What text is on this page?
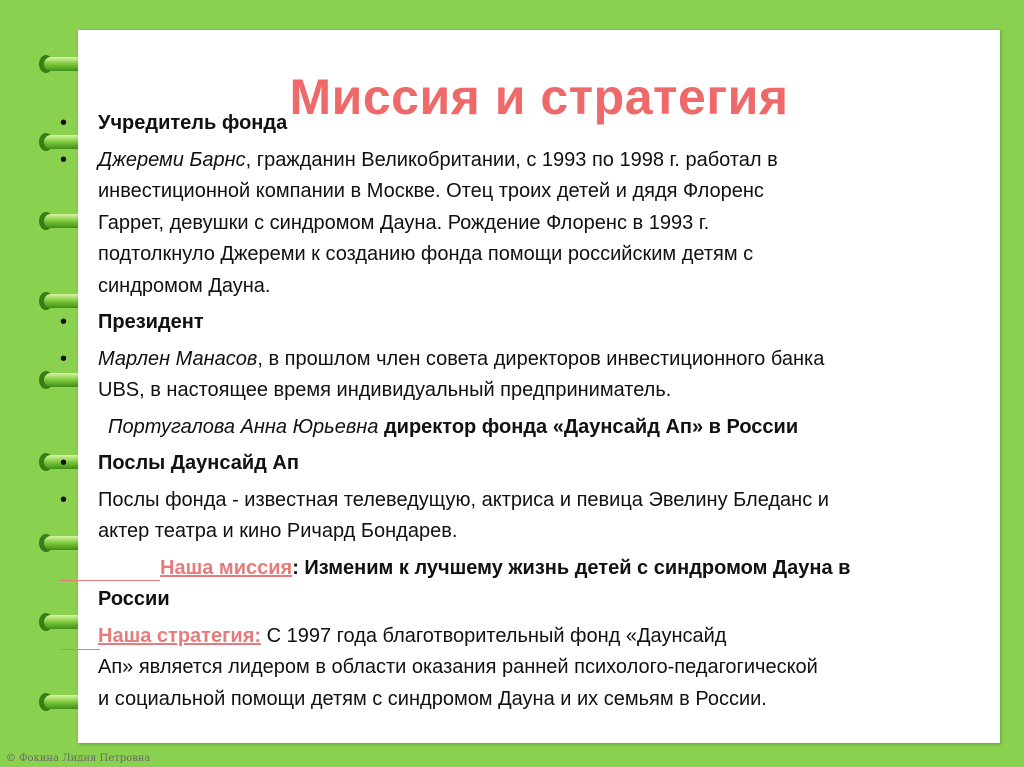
Миссия и стратегия
• Учредитель фонда
• Джереми Барнс, гражданин Великобритании, с 1993 по 1998 г. работал в
инвестиционной компании в Москве. Отец троих детей и дядя Флоренс
Гаррет, девушки с синдромом Дауна. Рождение Флоренс в 1993 г.
подтолкнуло Джереми к созданию фонда помощи российским детям с
синдромом Дауна.
• Президент
• Марлен Манасов, в прошлом член совета директоров инвестиционного банка
UBS, в настоящее время индивидуальный предприниматель.
Португалова Анна Юрьевна директор фонда «Даунсайд Ап» в России
• Послы Даунсайд Ап
• Послы фонда - известная телеведущую, актриса и певица Эвелину Бледанс и
актер театра и кино Ричард Бондарев.
Наша миссия: Изменим к лучшему жизнь детей с синдромом Дауна в
России
Наша стратегия: С 1997 года благотворительный фонд «Даунсайд
Ап» является лидером в области оказания ранней психолого-педагогической
и социальной помощи детям с синдромом Дауна и их семьям в России.
© Фокина Лидия Петровна
